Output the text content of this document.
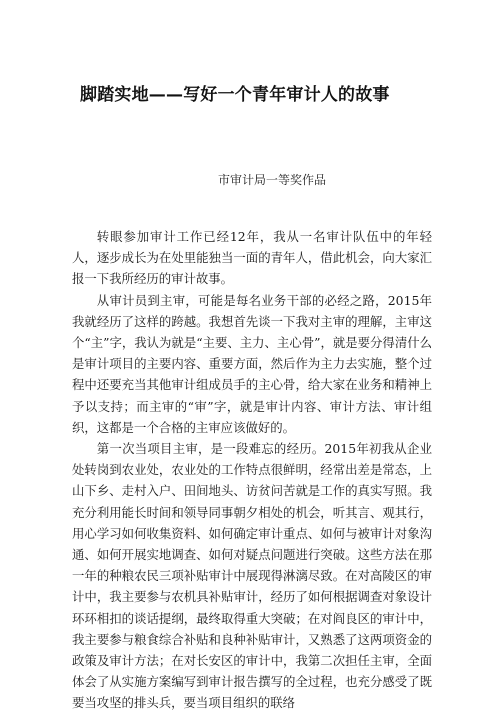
脚踏实地——写好一个青年审计人的故事
市审计局一等奖作品

转眼参加审计工作已经12年，我从一名审计队伍中的年轻人，逐步成长为在处里能独当一面的青年人，借此机会，向大家汇报一下我所经历的审计故事。

从审计员到主审，可能是每名业务干部的必经之路，2015年我就经历了这样的跨越。我想首先谈一下我对主审的理解，主审这个“主”字，我认为就是“主要、主力、主心骨”，就是要分得清什么是审计项目的主要内容、重要方面，然后作为主力去实施，整个过程中还要充当其他审计组成员手的主心骨，给大家在业务和精神上予以支持；而主审的“审”字，就是审计内容、审计方法、审计组织，这都是一个合格的主审应该做好的。

第一次当项目主审，是一段难忘的经历。2015年初我从企业处转岗到农业处，农业处的工作特点很鲜明，经常出差是常态，上山下乡、走村入户、田间地头、访贫问苦就是工作的真实写照。我充分利用能长时间和领导同事朝夕相处的机会，听其言、观其行，用心学习如何收集资料、如何确定审计重点、如何与被审计对象沟通、如何开展实地调查、如何对疑点问题进行突破。这些方法在那一年的种粮农民三项补贴审计中展现得淋漓尽致。在对高陵区的审计中，我主要参与农机具补贴审计，经历了如何根据调查对象设计环环相扣的谈话提纲，最终取得重大突破；在对阎良区的审计中，我主要参与粮食综合补贴和良种补贴审计，又熟悉了这两项资金的政策及审计方法；在对长安区的审计中，我第二次担任主审，全面体会了从实施方案编写到审计报告撰写的全过程，也充分感受了既要当攻坚的排头兵，要当项目组织的联络
